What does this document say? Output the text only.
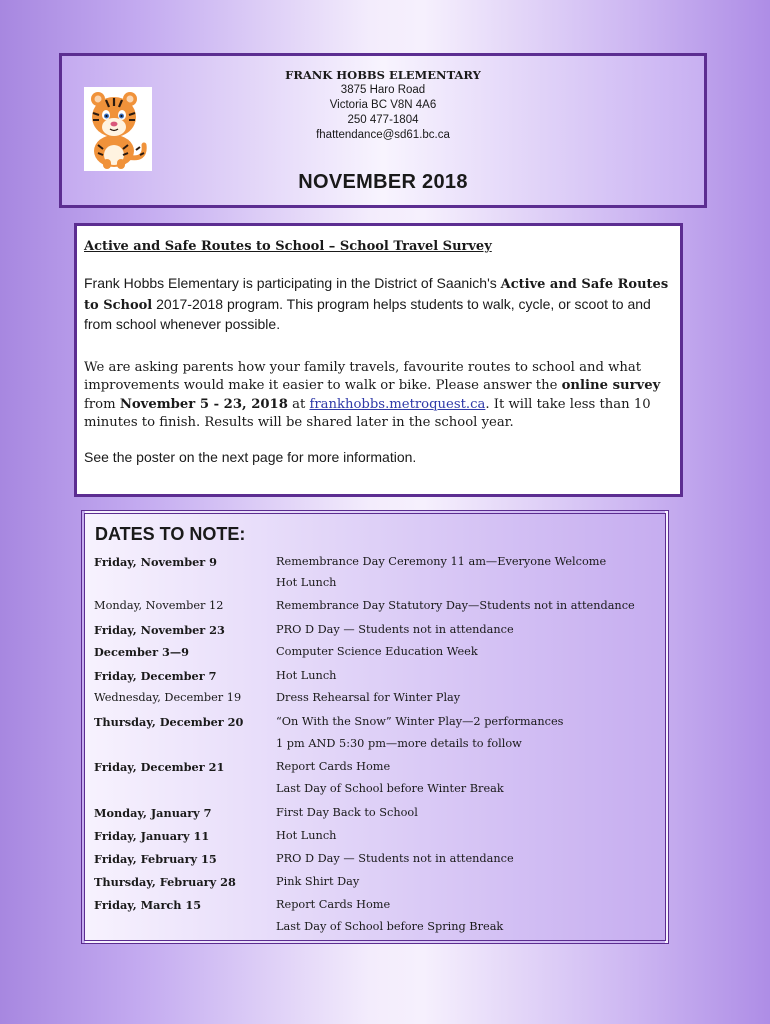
FRANK HOBBS ELEMENTARY
3875 Haro Road
Victoria BC V8N 4A6
250 477-1804
fhattendance@sd61.bc.ca
NOVEMBER 2018
Active and Safe Routes to School – School Travel Survey

Frank Hobbs Elementary is participating in the District of Saanich's Active and Safe Routes to School 2017-2018 program. This program helps students to walk, cycle, or scoot to and from school whenever possible.

We are asking parents how your family travels, favourite routes to school and what improvements would make it easier to walk or bike. Please answer the online survey from November 5 - 23, 2018 at frankhobbs.metroquest.ca. It will take less than 10 minutes to finish. Results will be shared later in the school year.

See the poster on the next page for more information.

DATES TO NOTE:
Friday, November 9	Remembrance Day Ceremony 11 am—Everyone Welcome
Hot Lunch
Monday, November 12	Remembrance Day Statutory Day—Students not in attendance
Friday, November 23	PRO D Day — Students not in attendance
December 3—9	Computer Science Education Week
Friday, December 7	Hot Lunch
Wednesday, December 19	Dress Rehearsal for Winter Play
Thursday, December 20	“On With the Snow” Winter Play—2 performances
1 pm AND 5:30 pm—more details to follow
Friday, December 21	Report Cards Home
Last Day of School before Winter Break
Monday, January 7	First Day Back to School
Friday, January 11	Hot Lunch
Friday, February 15	PRO D Day — Students not in attendance
Thursday, February 28	Pink Shirt Day
Friday, March 15	Report Cards Home
Last Day of School before Spring Break
